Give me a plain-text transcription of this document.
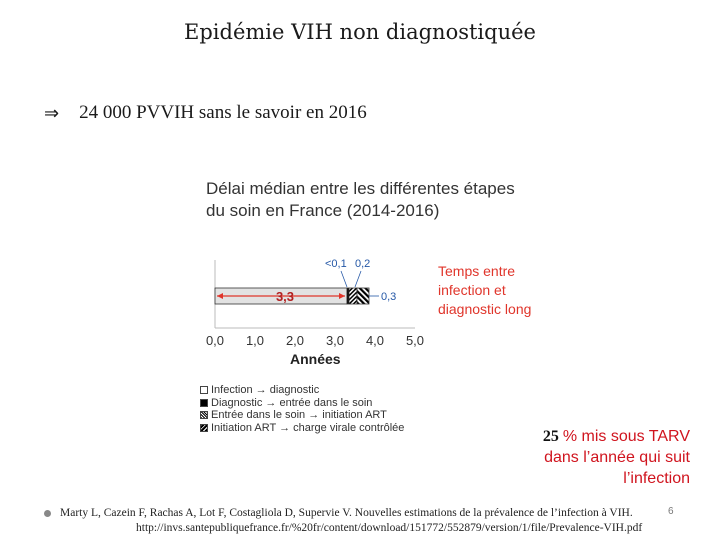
Epidémie VIH non diagnostiquée
⇒ 24 000 PVVIH sans le savoir en 2016
Délai médian entre les différentes étapes du soin en France (2014-2016)
3,3
<0,1 0,2
0,3
0,0 1,0 2,0 3,0 4,0 5,0
Années
Temps entre infection et diagnostic long
Infection → diagnostic
Diagnostic → entrée dans le soin
Entrée dans le soin → initiation ART
Initiation ART → charge virale contrôlée
25 % mis sous TARV dans l’année qui suit l’infection
Marty L, Cazein F, Rachas A, Lot F, Costagliola D, Supervie V. Nouvelles estimations de la prévalence de l’infection à VIH.
http://invs.santepubliquefrance.fr/%20fr/content/download/151772/552879/version/1/file/Prevalence-VIH.pdf
6
